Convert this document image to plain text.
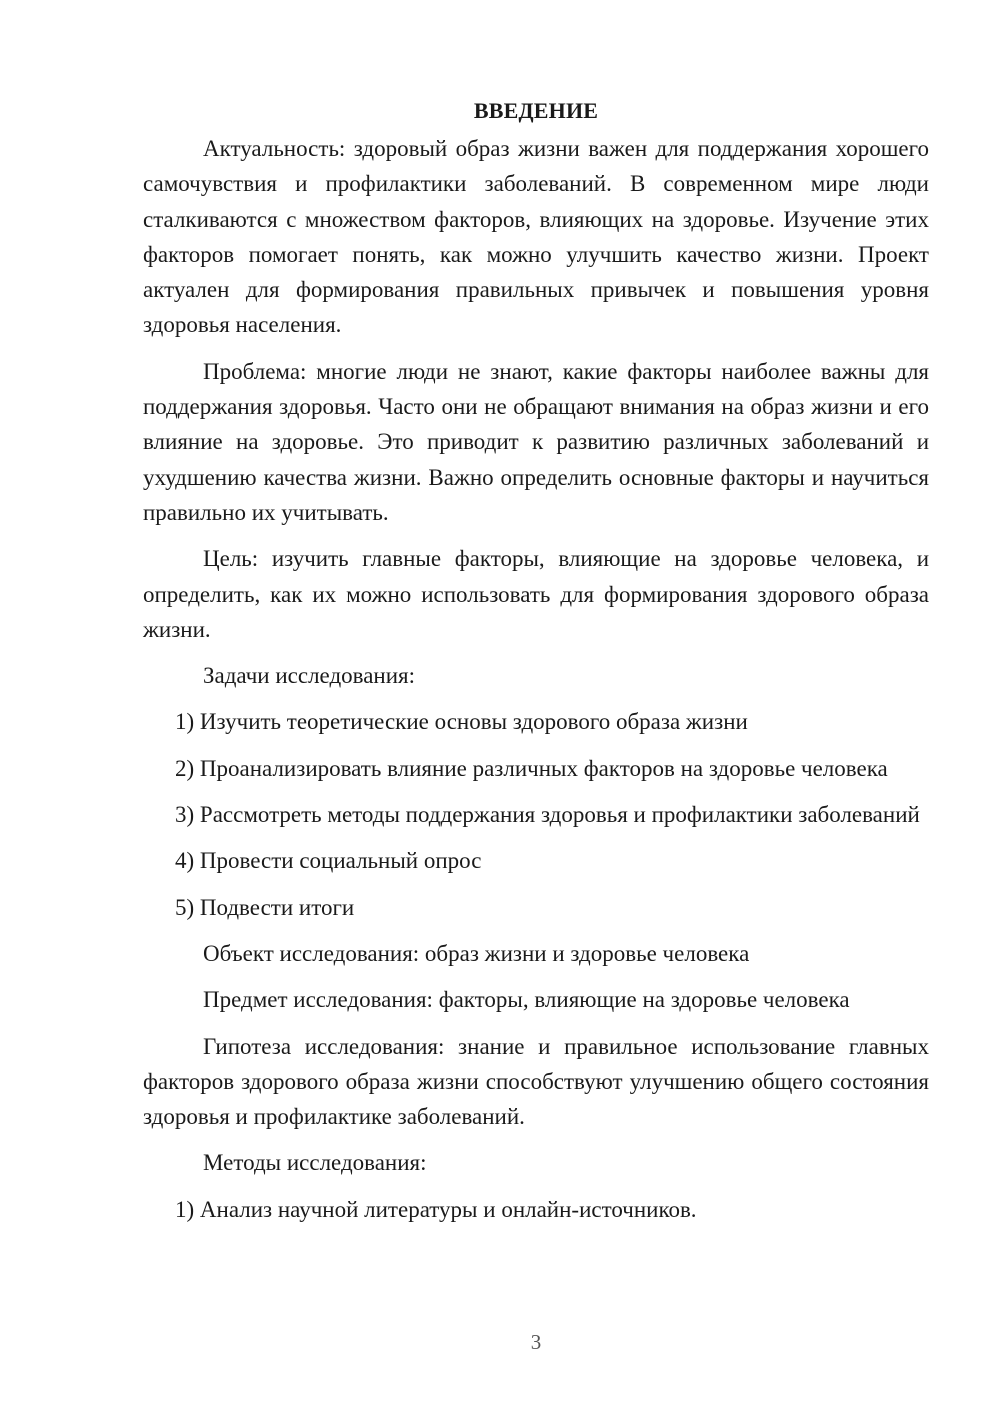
ВВЕДЕНИЕ

Актуальность: здоровый образ жизни важен для поддержания хорошего самочувствия и профилактики заболеваний. В современном мире люди сталкиваются с множеством факторов, влияющих на здоровье. Изучение этих факторов помогает понять, как можно улучшить качество жизни. Проект актуален для формирования правильных привычек и повышения уровня здоровья населения.

Проблема: многие люди не знают, какие факторы наиболее важны для поддержания здоровья. Часто они не обращают внимания на образ жизни и его влияние на здоровье. Это приводит к развитию различных заболеваний и ухудшению качества жизни. Важно определить основные факторы и научиться правильно их учитывать.

Цель: изучить главные факторы, влияющие на здоровье человека, и определить, как их можно использовать для формирования здорового образа жизни.

Задачи исследования:

1) Изучить теоретические основы здорового образа жизни

2) Проанализировать влияние различных факторов на здоровье человека

3) Рассмотреть методы поддержания здоровья и профилактики заболеваний

4) Провести социальный опрос

5) Подвести итоги

Объект исследования: образ жизни и здоровье человека

Предмет исследования: факторы, влияющие на здоровье человека

Гипотеза исследования: знание и правильное использование главных факторов здорового образа жизни способствуют улучшению общего состояния здоровья и профилактике заболеваний.

Методы исследования:

1) Анализ научной литературы и онлайн-источников.

3
